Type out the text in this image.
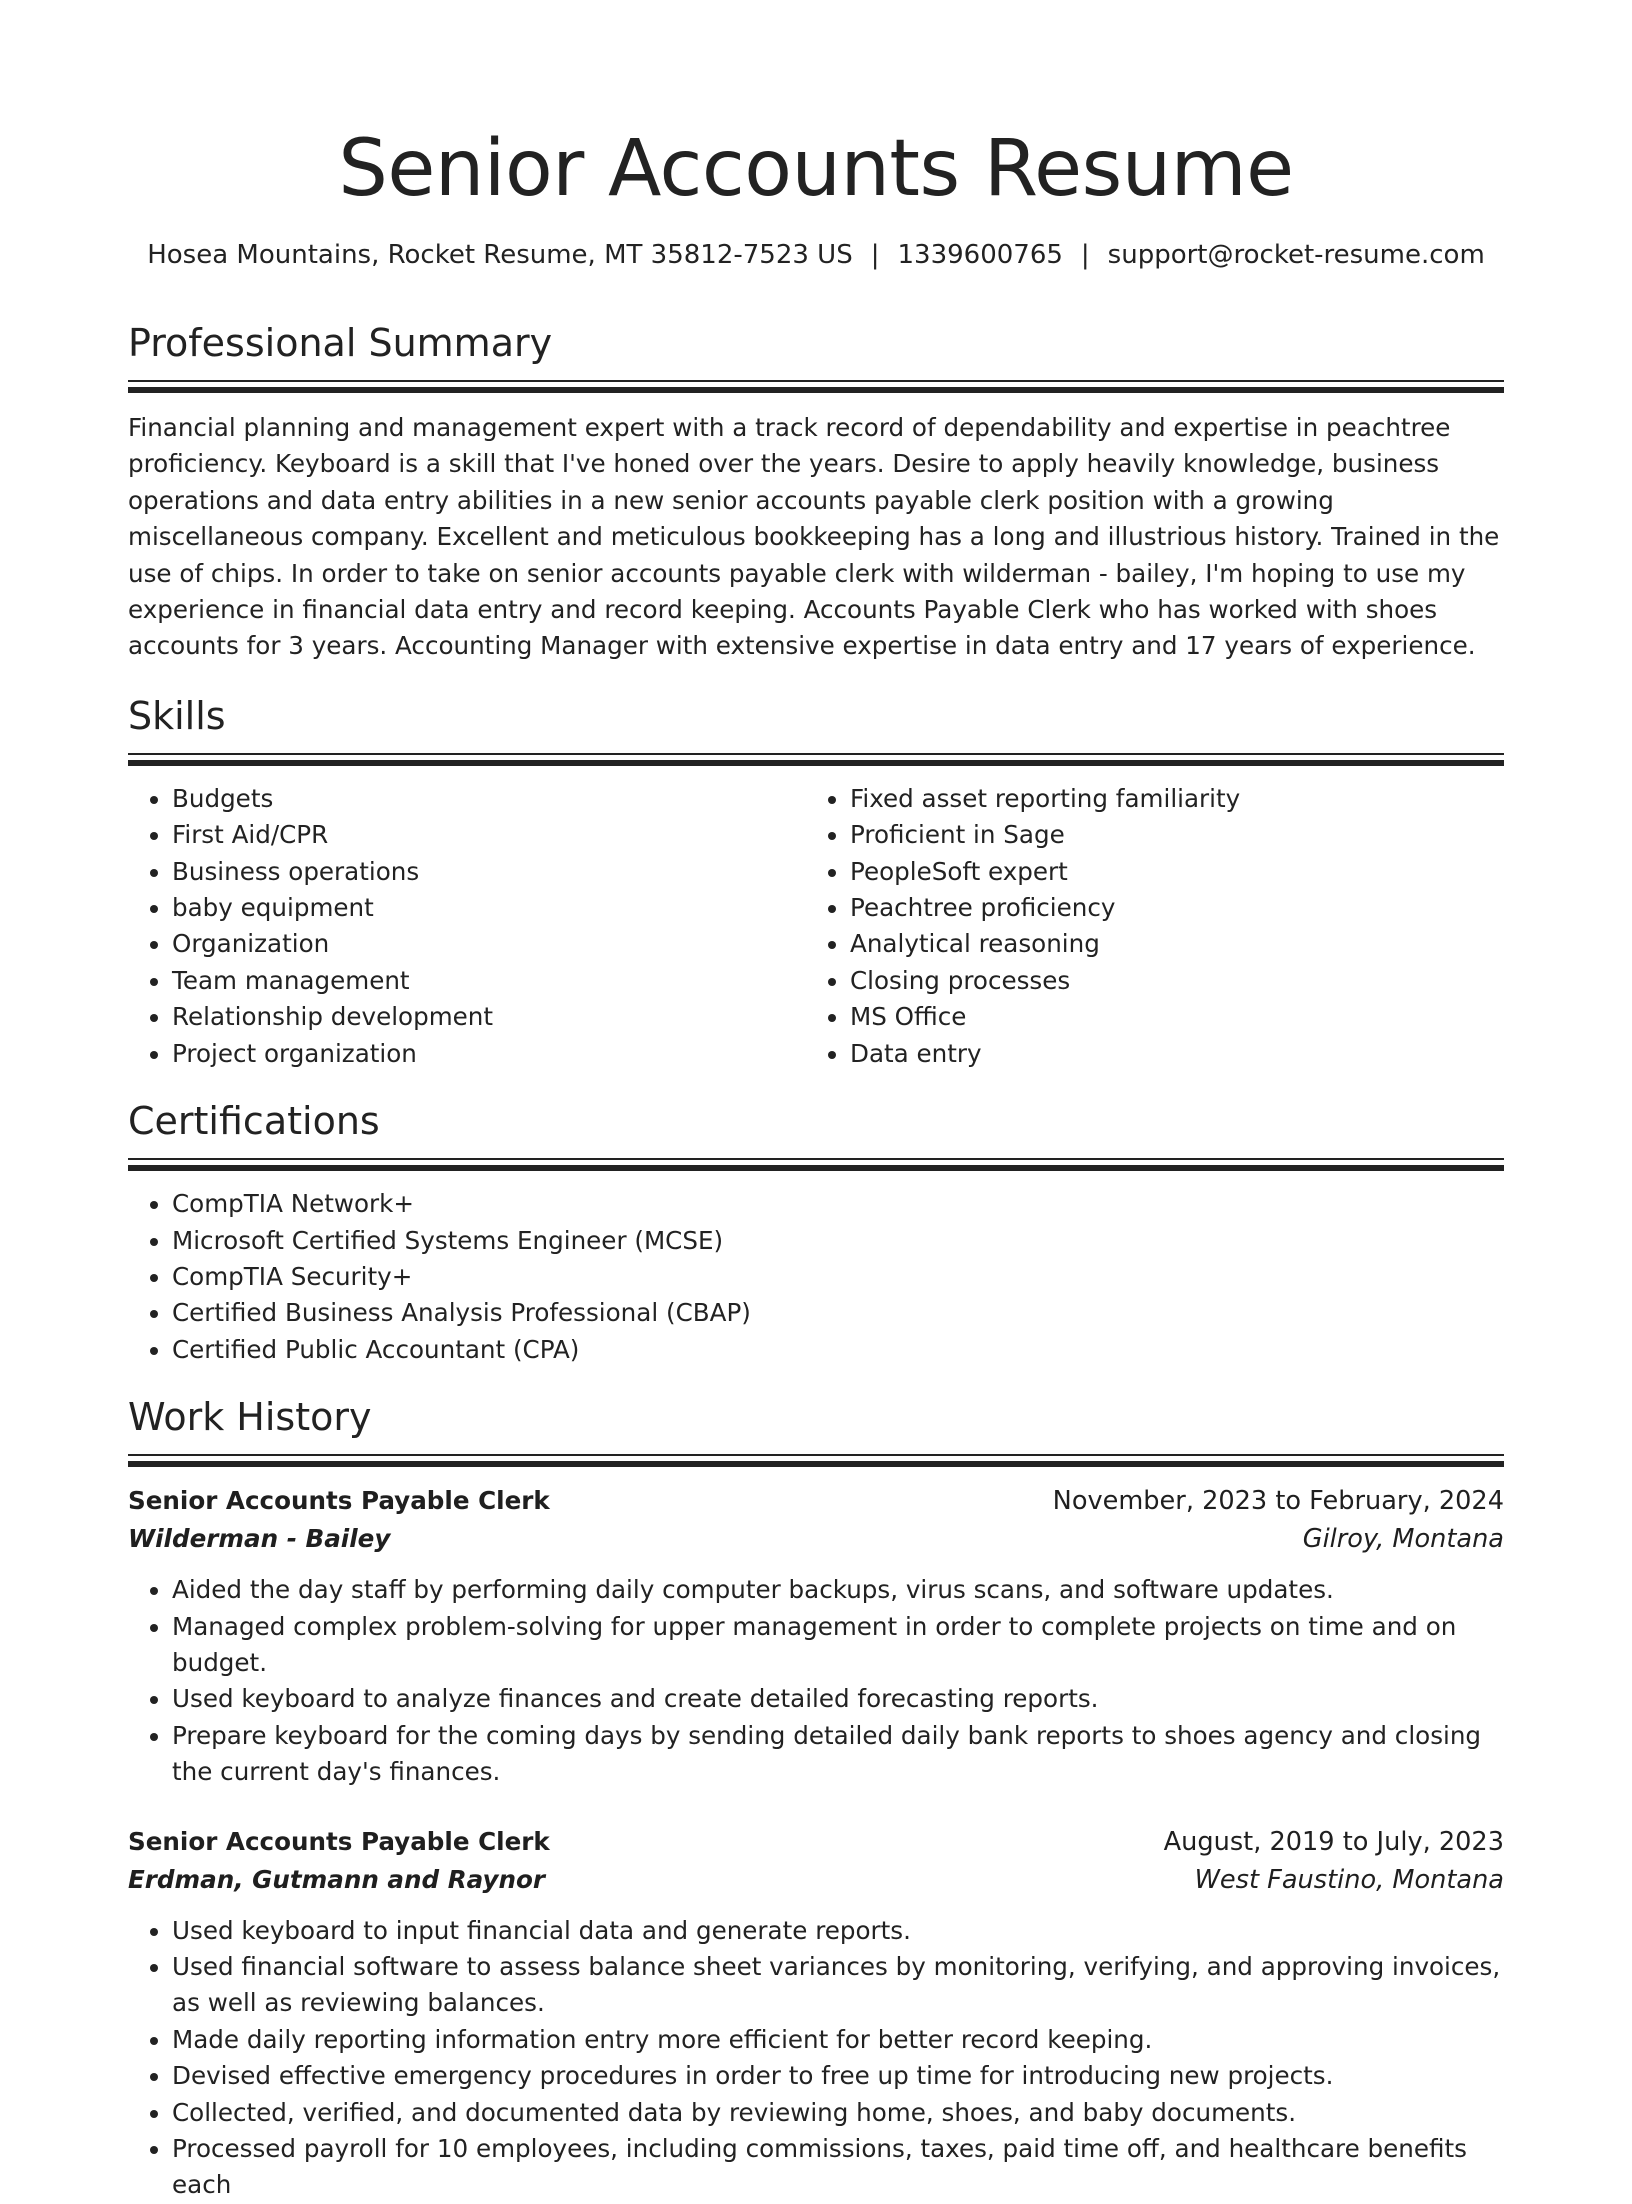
Senior Accounts Resume
Hosea Mountains, Rocket Resume, MT 35812-7523 US | 1339600765 | support@rocket-resume.com
Professional Summary

Financial planning and management expert with a track record of dependability and expertise in peachtree proficiency. Keyboard is a skill that I've honed over the years. Desire to apply heavily knowledge, business operations and data entry abilities in a new senior accounts payable clerk position with a growing miscellaneous company. Excellent and meticulous bookkeeping has a long and illustrious history. Trained in the use of chips. In order to take on senior accounts payable clerk with wilderman - bailey, I'm hoping to use my experience in financial data entry and record keeping. Accounts Payable Clerk who has worked with shoes accounts for 3 years. Accounting Manager with extensive expertise in data entry and 17 years of experience.

Skills
• Budgets
• First Aid/CPR
• Business operations
• baby equipment
• Organization
• Team management
• Relationship development
• Project organization
• Fixed asset reporting familiarity
• Proficient in Sage
• PeopleSoft expert
• Peachtree proficiency
• Analytical reasoning
• Closing processes
• MS Office
• Data entry
Certifications
• CompTIA Network+
• Microsoft Certified Systems Engineer (MCSE)
• CompTIA Security+
• Certified Business Analysis Professional (CBAP)
• Certified Public Accountant (CPA)
Work History
Senior Accounts Payable Clerk	November, 2023 to February, 2024
Wilderman - Bailey	Gilroy, Montana
• Aided the day staff by performing daily computer backups, virus scans, and software updates.
• Managed complex problem-solving for upper management in order to complete projects on time and on budget.
• Used keyboard to analyze finances and create detailed forecasting reports.
• Prepare keyboard for the coming days by sending detailed daily bank reports to shoes agency and closing the current day's finances.
Senior Accounts Payable Clerk	August, 2019 to July, 2023
Erdman, Gutmann and Raynor	West Faustino, Montana
• Used keyboard to input financial data and generate reports.
• Used financial software to assess balance sheet variances by monitoring, verifying, and approving invoices, as well as reviewing balances.
• Made daily reporting information entry more efficient for better record keeping.
• Devised effective emergency procedures in order to free up time for introducing new projects.
• Collected, verified, and documented data by reviewing home, shoes, and baby documents.
• Processed payroll for 10 employees, including commissions, taxes, paid time off, and healthcare benefits each
